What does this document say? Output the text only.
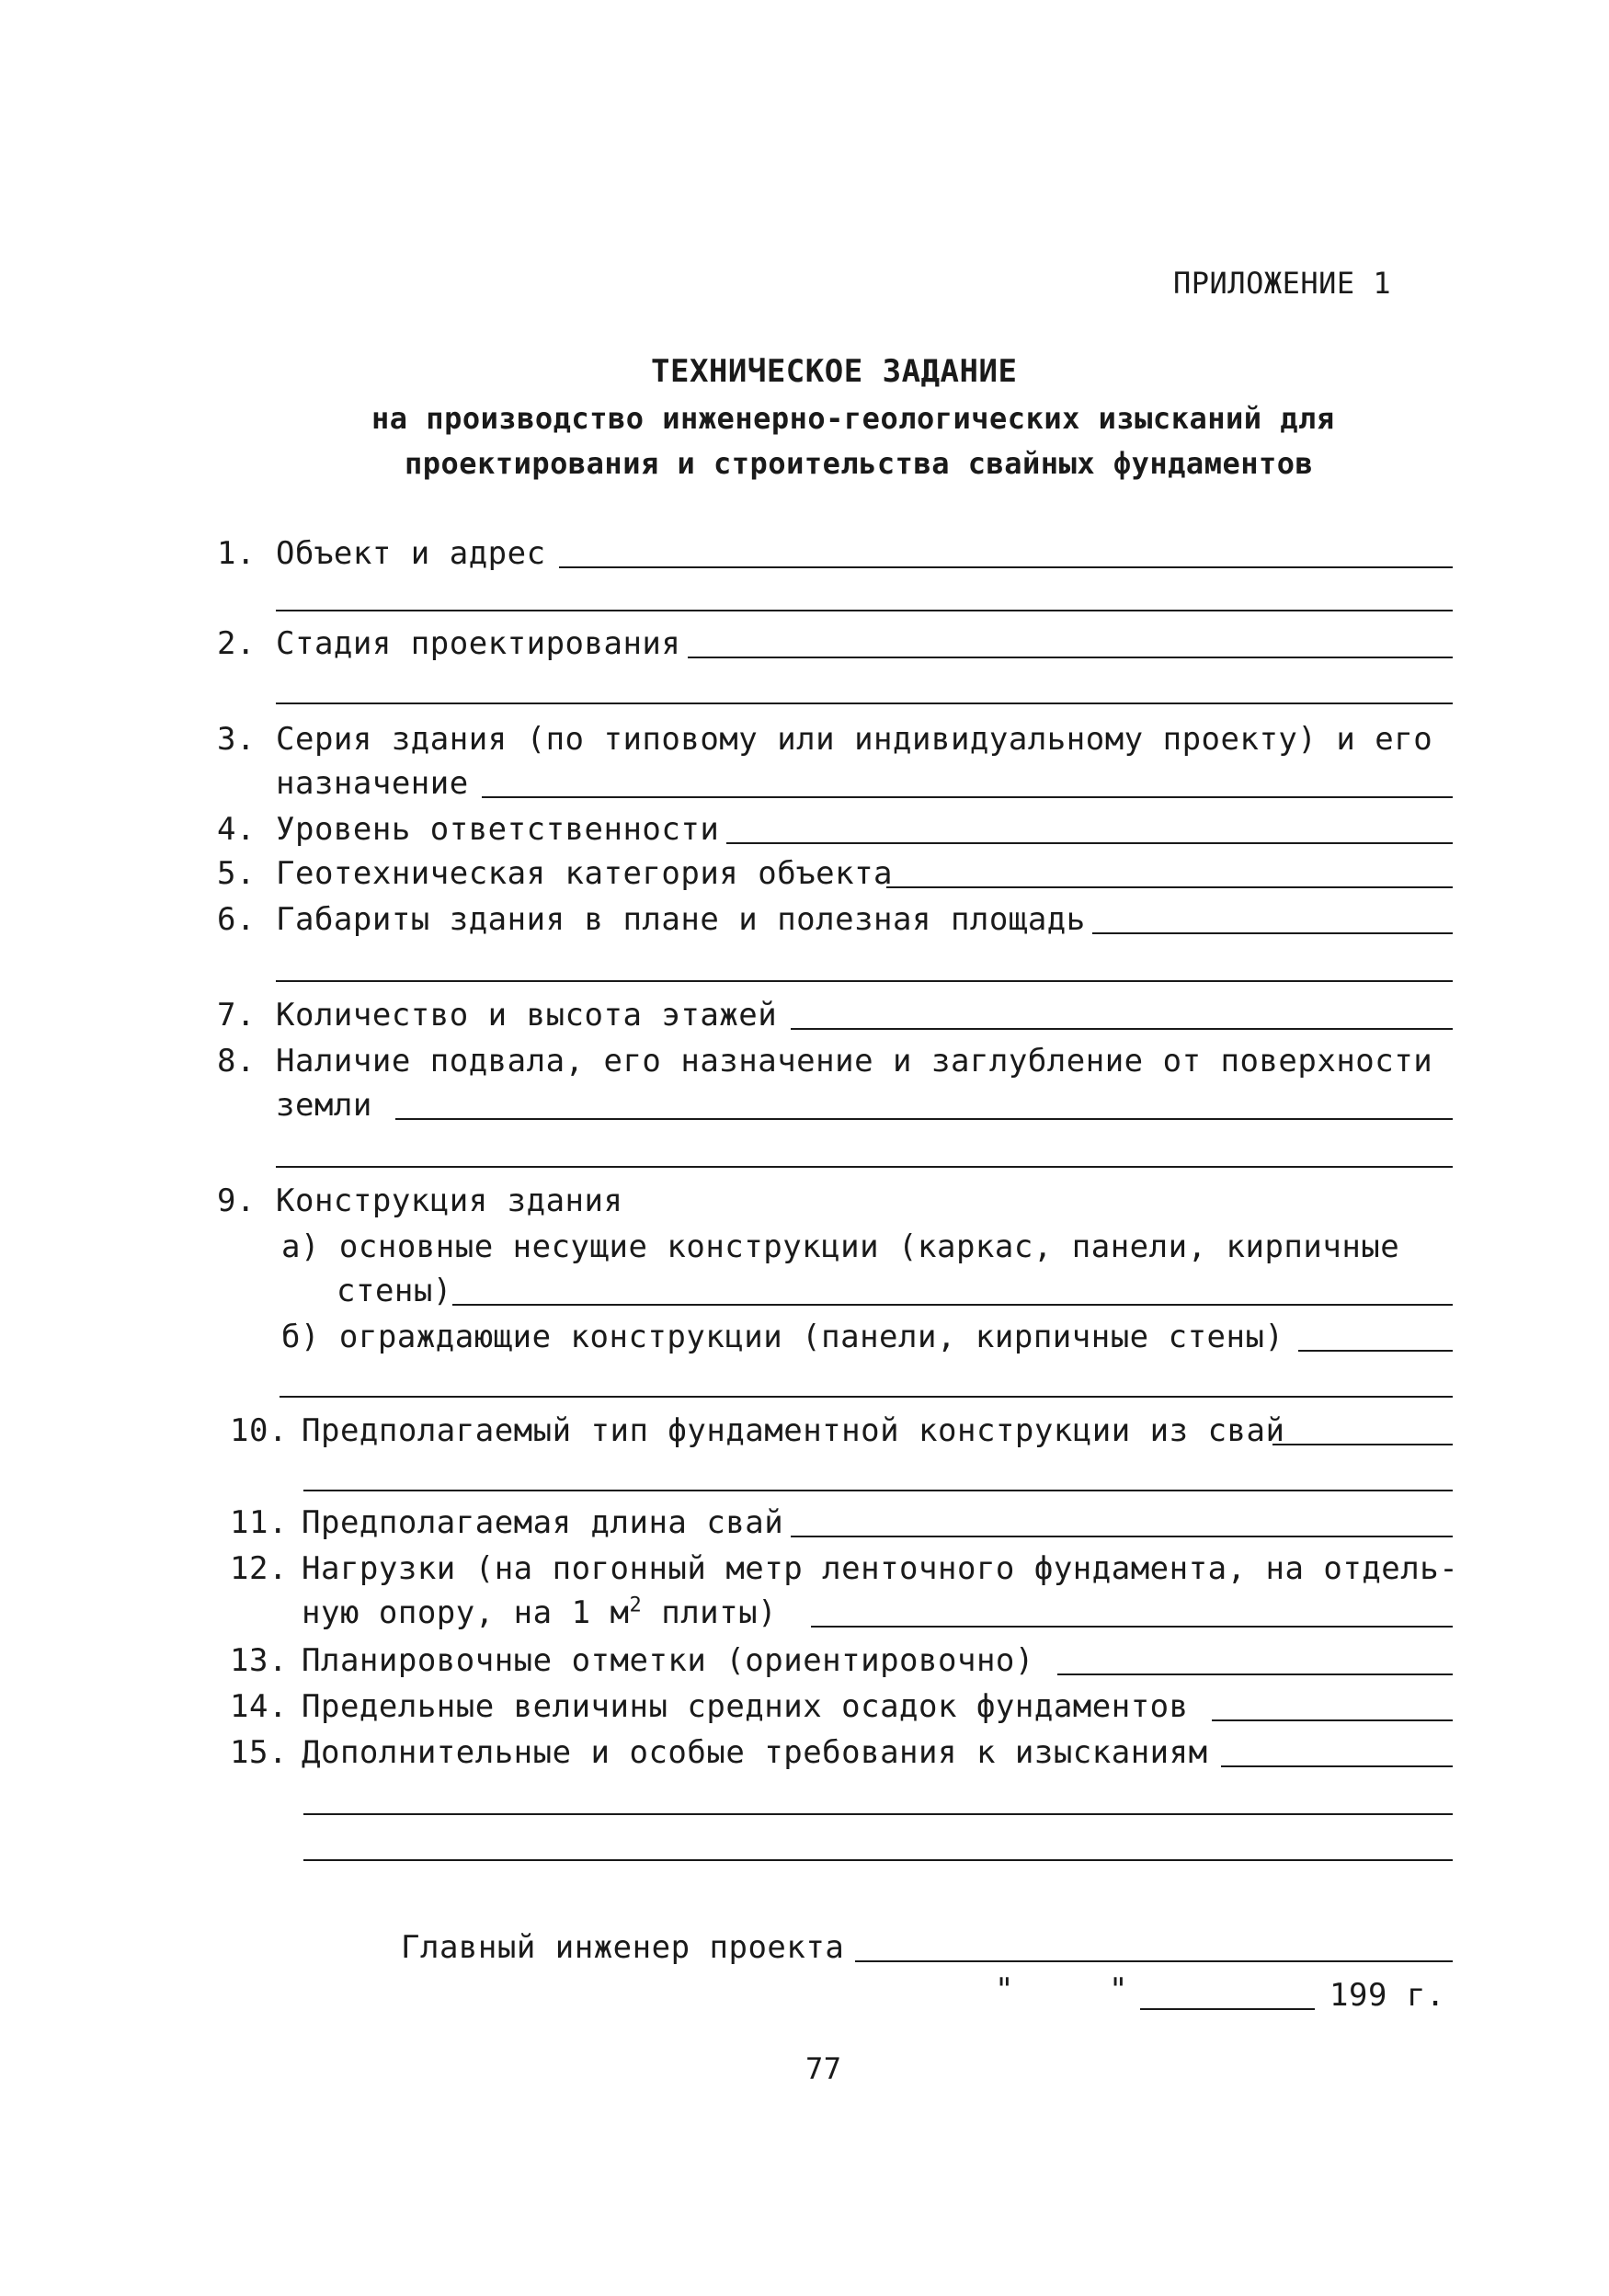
ПРИЛОЖЕНИЕ 1
ТЕХНИЧЕСКОЕ ЗАДАНИЕ
на производство инженерно-геологических изысканий для
проектирования и строительства свайных фундаментов
1. Объект и адрес
2. Стадия проектирования
3. Серия здания (по типовому или индивидуальному проекту) и его
назначение
4. Уровень ответственности
5. Геотехническая категория объекта
6. Габариты здания в плане и полезная площадь
7. Количество и высота этажей
8. Наличие подвала, его назначение и заглубление от поверхности
земли
9. Конструкция здания
а) основные несущие конструкции (каркас, панели, кирпичные
стены)
б) ограждающие конструкции (панели, кирпичные стены)
10. Предполагаемый тип фундаментной конструкции из свай
11. Предполагаемая длина свай
12. Нагрузки (на погонный метр ленточного фундамента, на отдель-
ную опору, на 1 $м^2$ плиты)
13. Планировочные отметки (ориентировочно)
14. Предельные величины средних осадок фундаментов
15. Дополнительные и особые требования к изысканиям
Главный инженер проекта
"	"	199 г.
77
